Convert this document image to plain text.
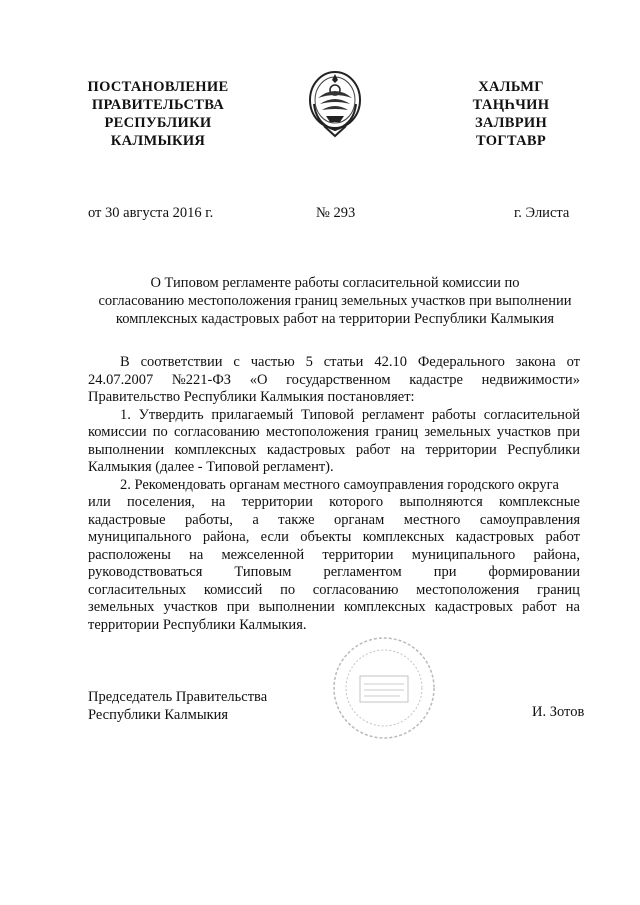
ПОСТАНОВЛЕНИЕ
ПРАВИТЕЛЬСТВА
РЕСПУБЛИКИ
КАЛМЫКИЯ
ХАЛЬМГ
ТАҢҺЧИН
ЗАЛВРИН
ТОГТАВР
от 30 августа 2016 г.	№ 293	г. Элиста
О Типовом регламенте работы согласительной комиссии по
согласованию местоположения границ земельных участков при выполнении
комплексных кадастровых работ на территории Республики Калмыкия
В соответствии с частью 5 статьи 42.10 Федерального закона от
24.07.2007 №221-ФЗ «О государственном кадастре недвижимости»
Правительство Республики Калмыкия постановляет:
1. Утвердить прилагаемый Типовой регламент работы согласительной
комиссии по согласованию местоположения границ земельных участков при
выполнении комплексных кадастровых работ на территории Республики
Калмыкия (далее - Типовой регламент).
2. Рекомендовать органам местного самоуправления городского округа
или поселения, на территории которого выполняются комплексные
кадастровые работы, а также органам местного самоуправления
муниципального района, если объекты комплексных кадастровых работ
расположены на межселенной территории муниципального района,
руководствоваться Типовым регламентом при формировании
согласительных комиссий по согласованию местоположения границ
земельных участков при выполнении комплексных кадастровых работ на
территории Республики Калмыкия.
Председатель Правительства
Республики Калмыкия	И. Зотов
